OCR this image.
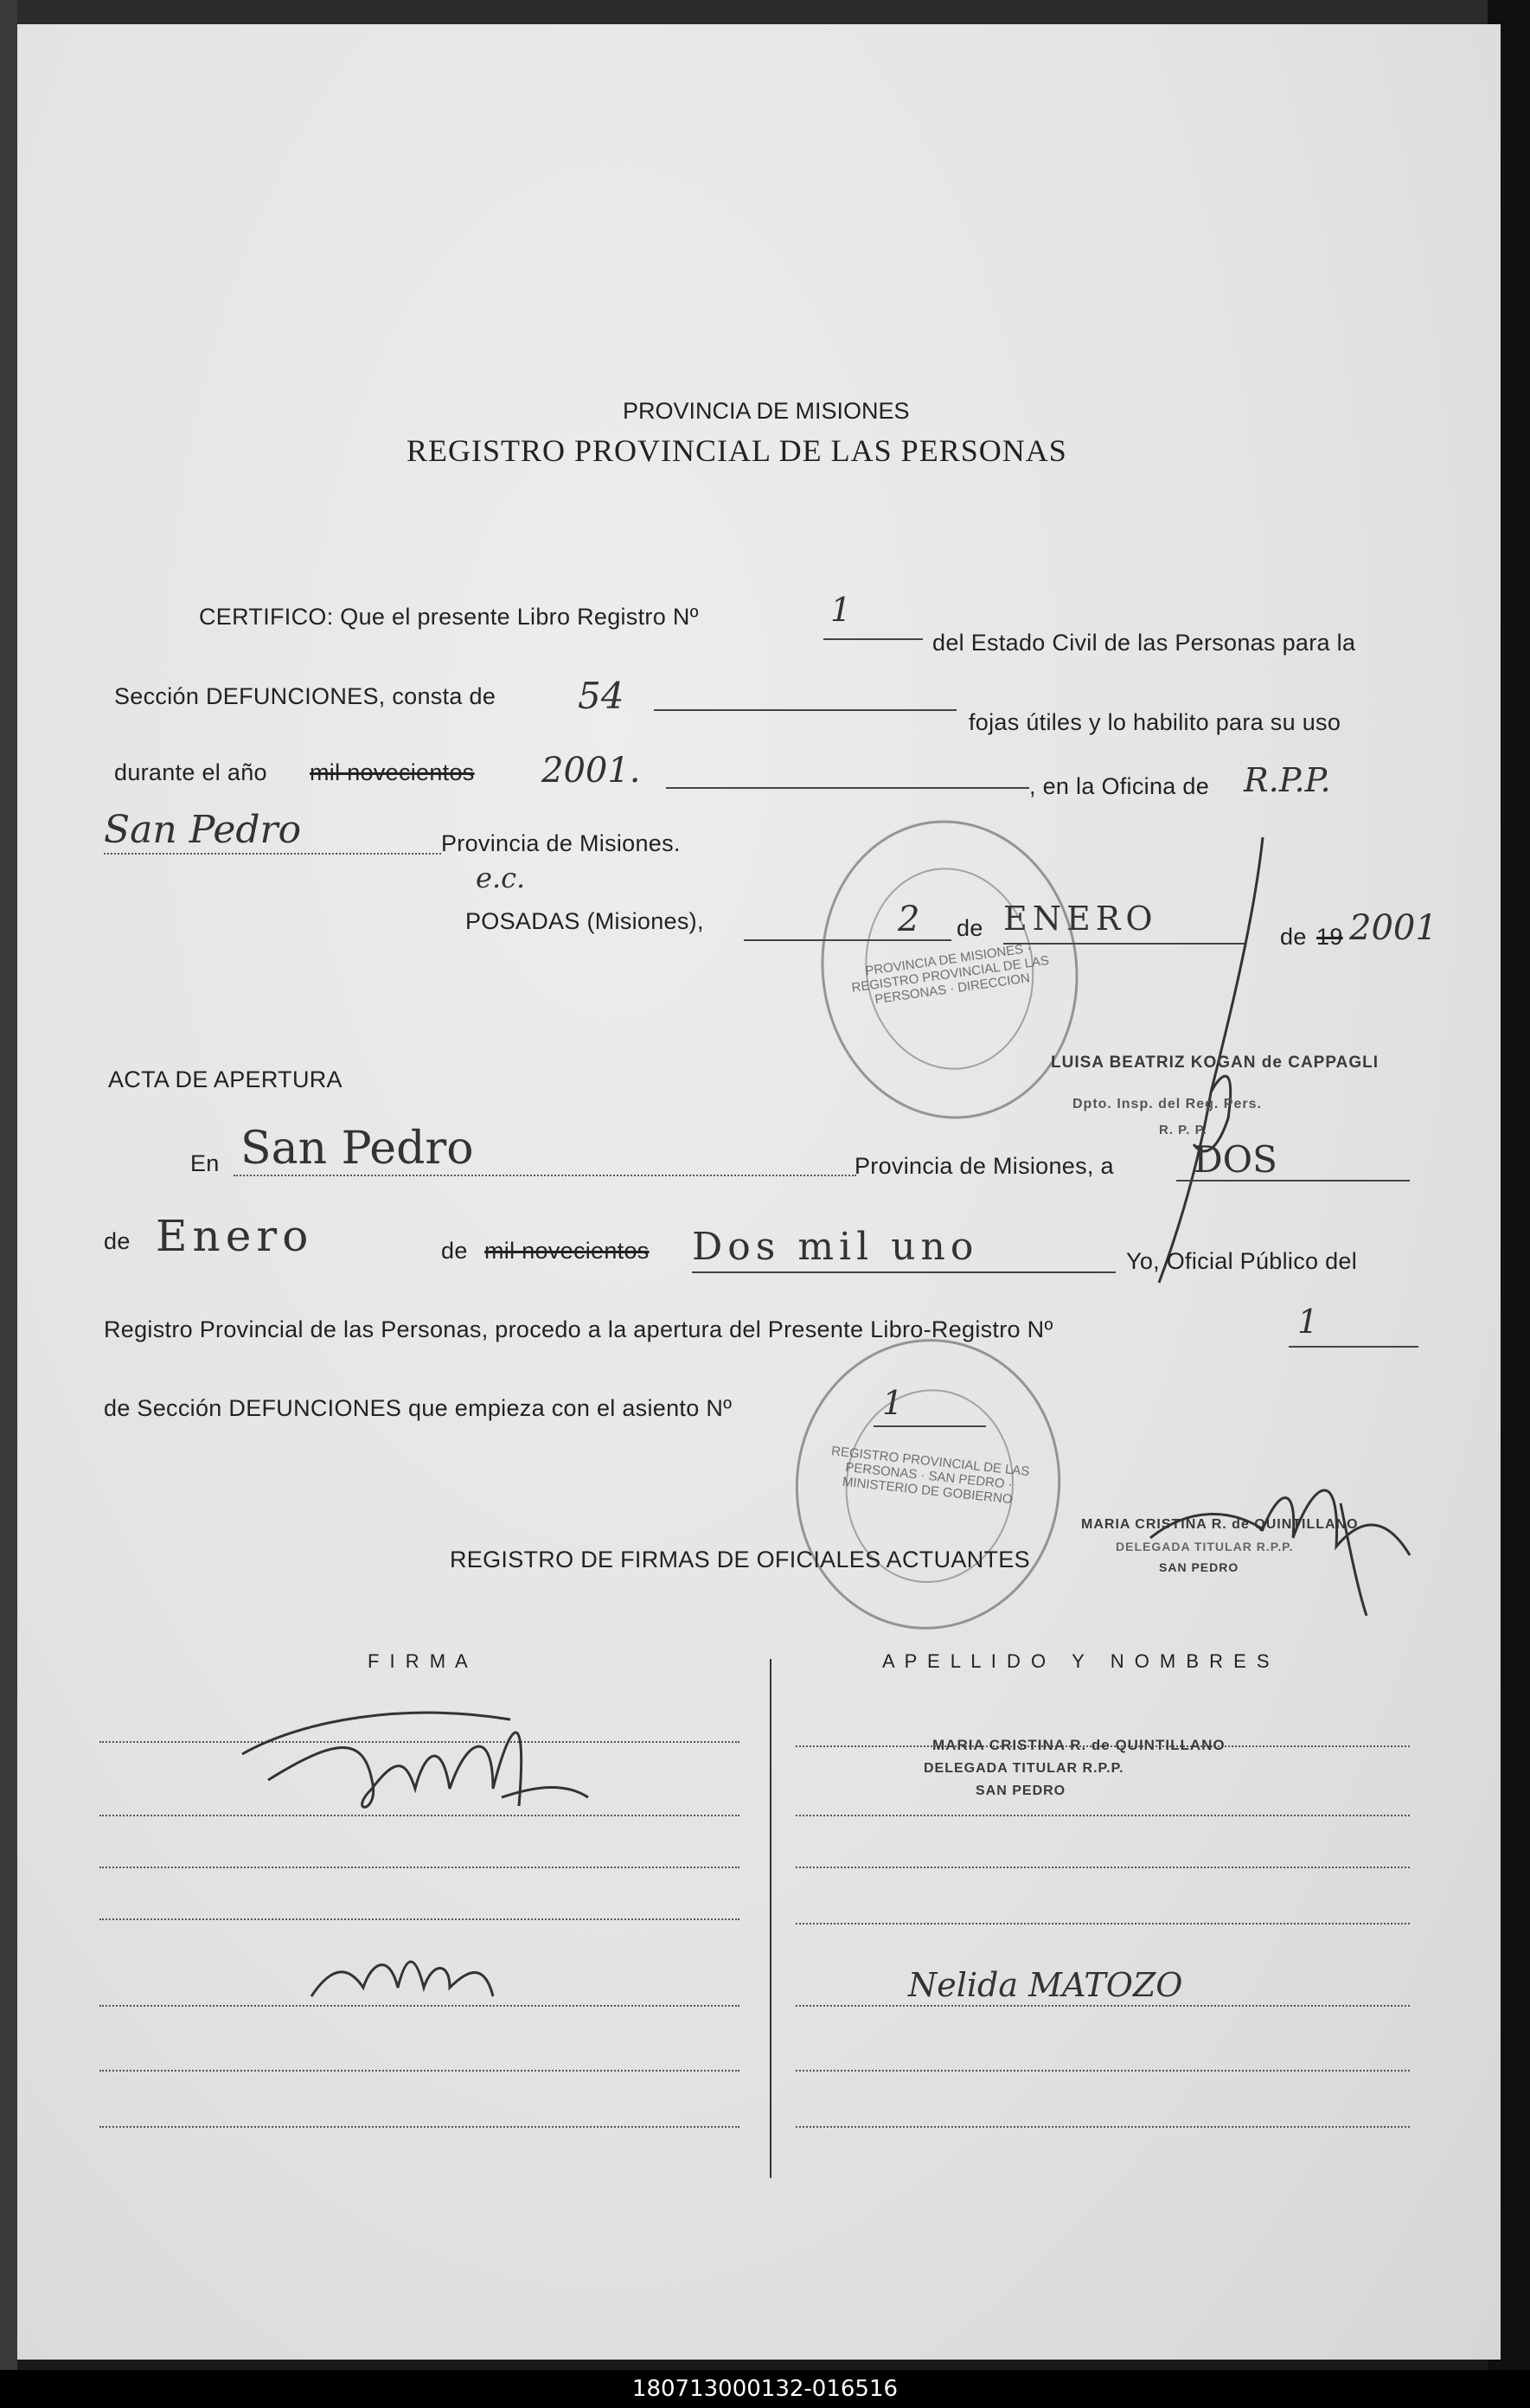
PROVINCIA DE MISIONES
REGISTRO PROVINCIAL DE LAS PERSONAS
CERTIFICO: Que el presente Libro Registro Nº	1
del Estado Civil de las Personas para la
Sección DEFUNCIONES, consta de 54
fojas útiles y lo habilito para su uso
durante el año mil novecientos 2001.	, en la Oficina de R.P.P.
San Pedro	Provincia de Misiones.
e.c.
POSADAS (Misiones),	2 de ENERO	de 19 2001
PROVINCIA DE MISIONES · REGISTRO PROVINCIAL DE LAS PERSONAS · DIRECCION
LUISA BEATRIZ KOGAN de CAPPAGLI
Dpto. Insp. del Reg. Pers.
R. P. P.
ACTA DE APERTURA
En San Pedro	Provincia de Misiones, a DOS
de Enero	de mil novecientos Dos mil uno	Yo, Oficial Público del
Registro Provincial de las Personas, procedo a la apertura del Presente Libro-Registro Nº	1
de Sección DEFUNCIONES que empieza con el asiento Nº	1
REGISTRO PROVINCIAL DE LAS PERSONAS · SAN PEDRO · MINISTERIO DE GOBIERNO
MARIA CRISTINA R. de QUINTILLANO
DELEGADA TITULAR R.P.P.
SAN PEDRO
REGISTRO DE FIRMAS DE OFICIALES ACTUANTES
F I R M A	A P E L L I D O   Y   N O M B R E S
MARIA CRISTINA R. de QUINTILLANO
DELEGADA TITULAR R.P.P.
SAN PEDRO
Nelida MATOZO
180713000132-016516
